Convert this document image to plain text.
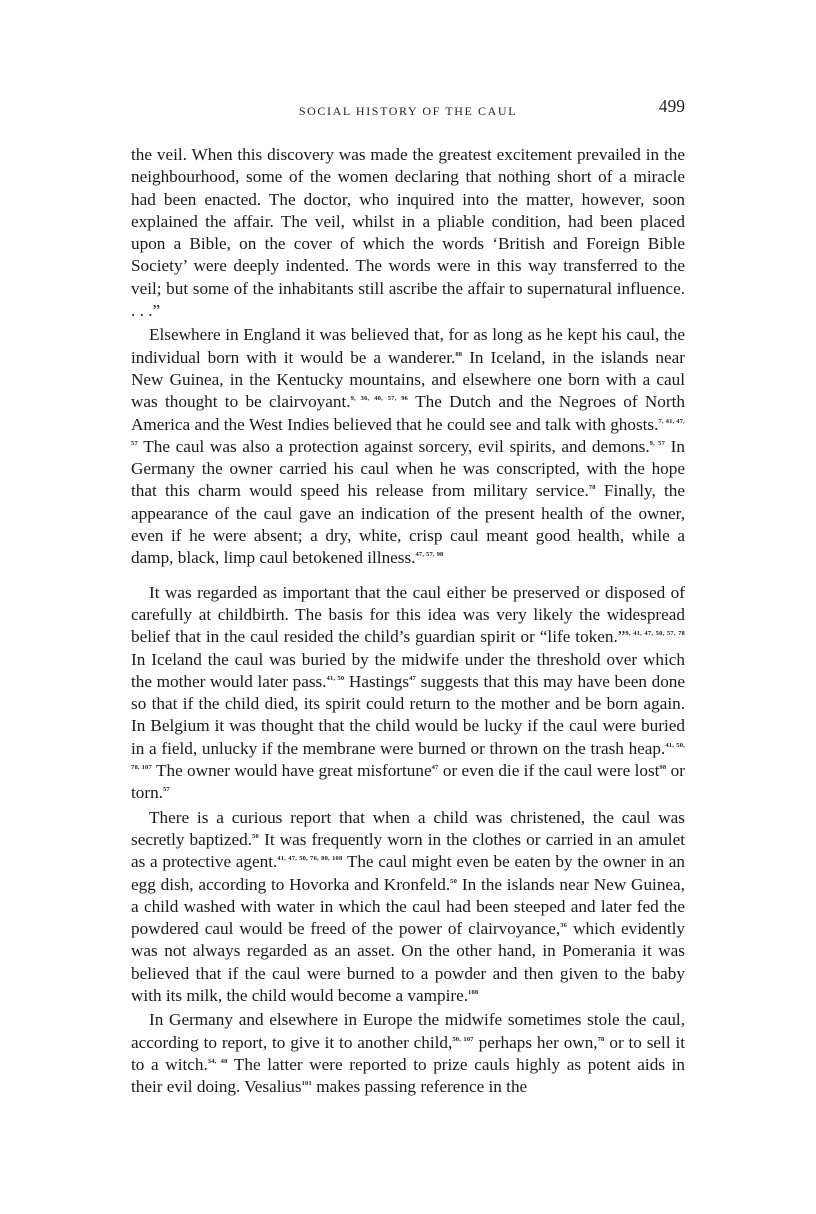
SOCIAL HISTORY OF THE CAUL	499

the veil. When this discovery was made the greatest excitement prevailed in the neighbourhood, some of the women declaring that nothing short of a miracle had been enacted. The doctor, who inquired into the matter, however, soon explained the affair. The veil, whilst in a pliable condition, had been placed upon a Bible, on the cover of which the words ‘British and Foreign Bible Society’ were deeply indented. The words were in this way transferred to the veil; but some of the inhabitants still ascribe the affair to supernatural influence. . . .”

Elsewhere in England it was believed that, for as long as he kept his caul, the individual born with it would be a wanderer.$^{88}$ In Iceland, in the islands near New Guinea, in the Kentucky mountains, and elsewhere one born with a caul was thought to be clairvoyant.$^{9, 36, 40, 57, 96}$ The Dutch and the Negroes of North America and the West Indies believed that he could see and talk with ghosts.$^{7, 41, 47, 57}$ The caul was also a protection against sorcery, evil spirits, and demons.$^{9, 57}$ In Germany the owner carried his caul when he was conscripted, with the hope that this charm would speed his release from military service.$^{78}$ Finally, the appearance of the caul gave an indication of the present health of the owner, even if he were absent; a dry, white, crisp caul meant good health, while a damp, black, limp caul betokened illness.$^{47, 57, 98}$

It was regarded as important that the caul either be preserved or disposed of carefully at childbirth. The basis for this idea was very likely the widespread belief that in the caul resided the child’s guardian spirit or “life token.”$^{9, 41, 47, 50, 57, 78}$ In Iceland the caul was buried by the midwife under the threshold over which the mother would later pass.$^{41, 50}$ Hastings$^{47}$ suggests that this may have been done so that if the child died, its spirit could return to the mother and be born again. In Belgium it was thought that the child would be lucky if the caul were buried in a field, unlucky if the membrane were burned or thrown on the trash heap.$^{41, 50, 78, 107}$ The owner would have great misfortune$^{47}$ or even die if the caul were lost$^{98}$ or torn.$^{57}$

There is a curious report that when a child was christened, the caul was secretly baptized.$^{50}$ It was frequently worn in the clothes or carried in an amulet as a protective agent.$^{41, 47, 50, 76, 80, 108}$ The caul might even be eaten by the owner in an egg dish, according to Hovorka and Kronfeld.$^{50}$ In the islands near New Guinea, a child washed with water in which the caul had been steeped and later fed the powdered caul would be freed of the power of clairvoyance,$^{36}$ which evidently was not always regarded as an asset. On the other hand, in Pomerania it was believed that if the caul were burned to a powder and then given to the baby with its milk, the child would become a vampire.$^{108}$

In Germany and elsewhere in Europe the midwife sometimes stole the caul, according to report, to give it to another child,$^{50, 107}$ perhaps her own,$^{78}$ or to sell it to a witch.$^{34, 48}$ The latter were reported to prize cauls highly as potent aids in their evil doing. Vesalius$^{101}$ makes passing reference in the
